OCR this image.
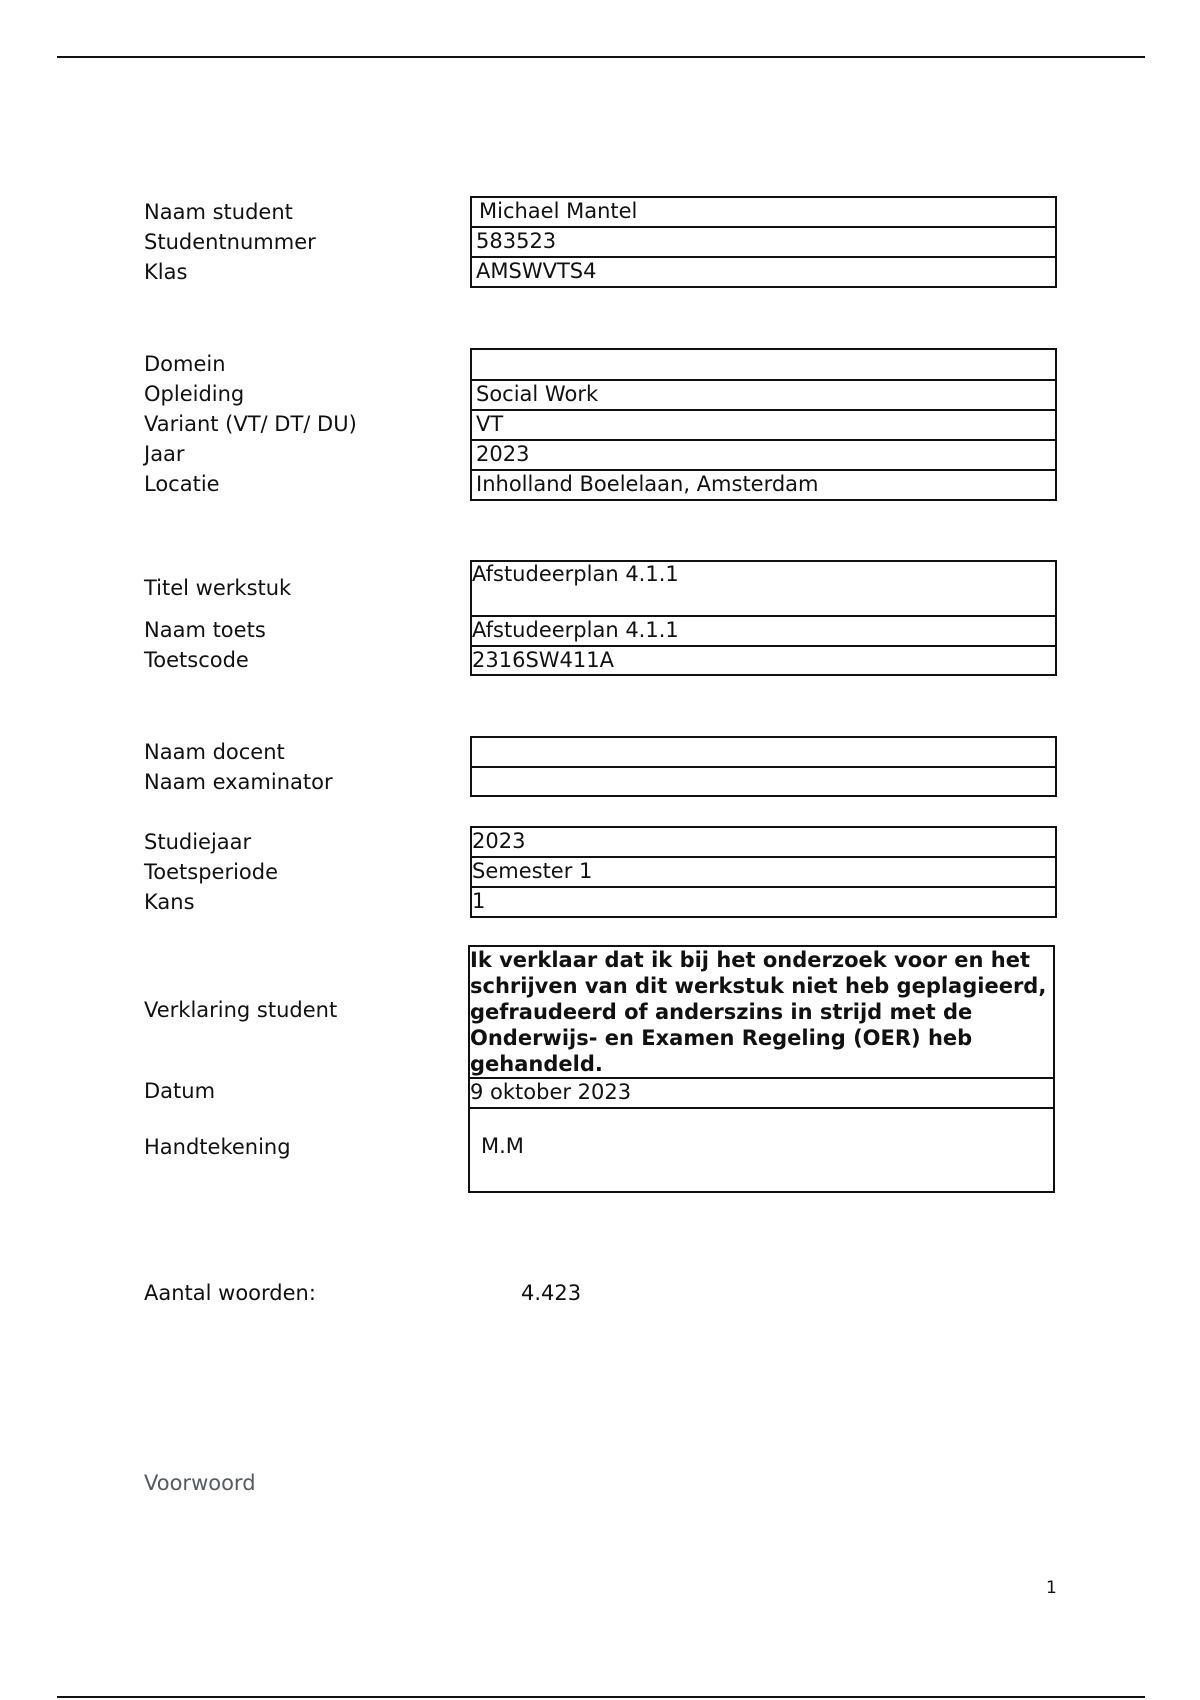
Naam student
Studentnummer
Klas
Michael Mantel
583523
AMSWVTS4
Domein
Opleiding
Variant (VT/ DT/ DU)
Jaar
Locatie
Social Work
VT
2023
Inholland Boelelaan, Amsterdam
Titel werkstuk
Naam toets
Toetscode
Afstudeerplan 4.1.1
Afstudeerplan 4.1.1
2316SW411A
Naam docent
Naam examinator
Studiejaar
Toetsperiode
Kans
2023
Semester 1
1
Verklaring student
Datum
Handtekening
Ik verklaar dat ik bij het onderzoek voor en het schrijven van dit werkstuk niet heb geplagieerd, gefraudeerd of anderszins in strijd met de Onderwijs- en Examen Regeling (OER) heb gehandeld.
9 oktober 2023
M.M
Aantal woorden:	4.423
Voorwoord
1
